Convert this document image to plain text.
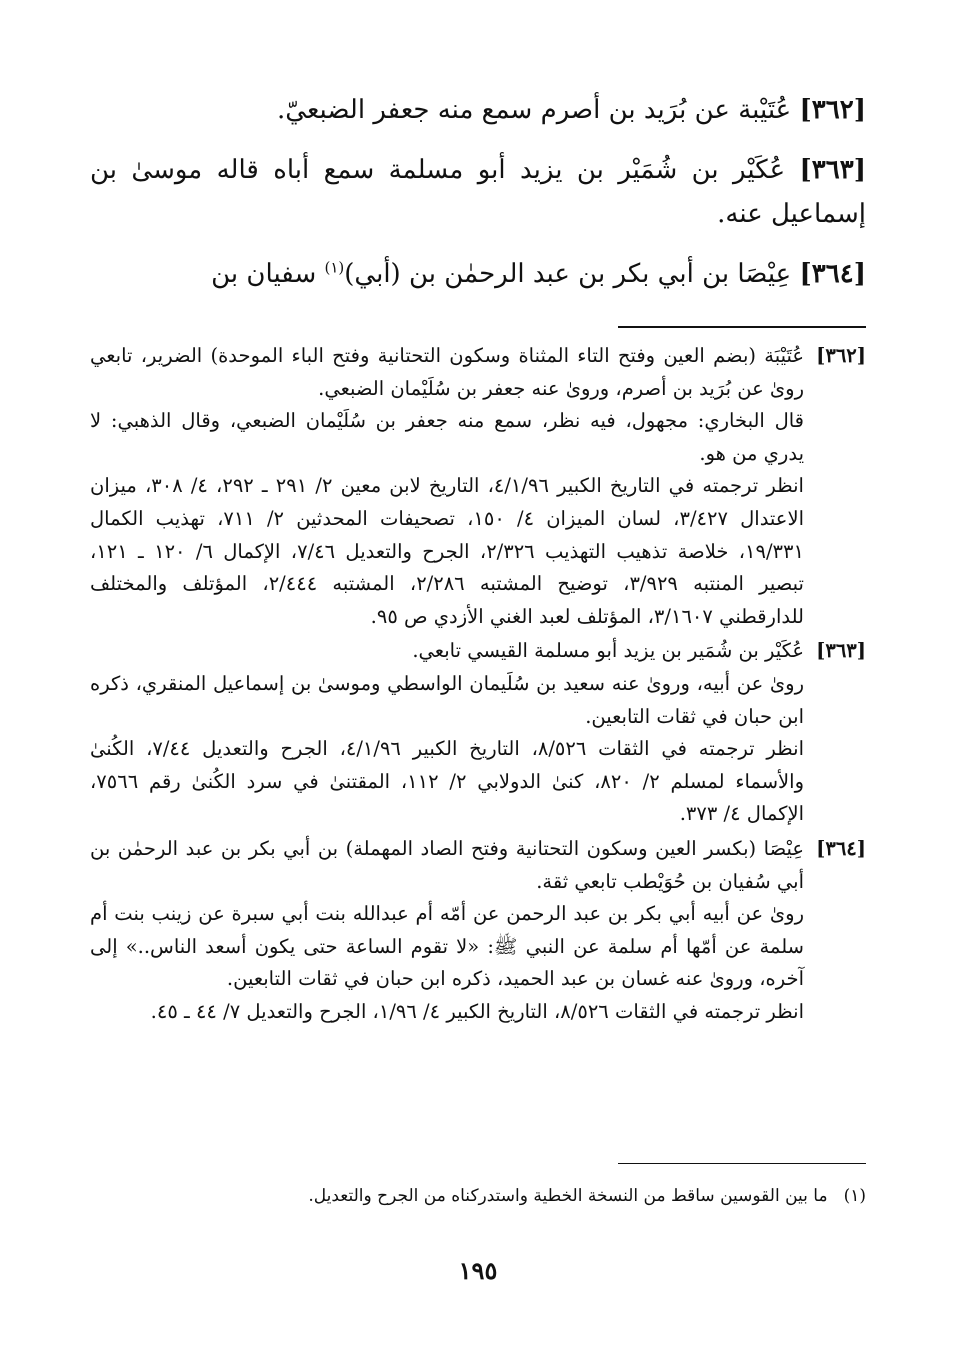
[٣٦٢] عُتَيْبة عن بُرَيد بن أصرم سمع منه جعفر الضبعيّ.

[٣٦٣] عُكَيْر بن شُمَيْر بن يزيد أبو مسلمة سمع أباه قاله موسىٰ بن إسماعيل عنه.

[٣٦٤] عِيْصَا بن أبي بكر بن عبد الرحمٰن بن (أبي)$^{(١)}$ سفيان بن

[٣٦٢]

عُتَيْبَة (بضم العين وفتح التاء المثناة وسكون التحتانية وفتح الباء الموحدة) الضرير، تابعي روىٰ عن بُرَيد بن أصرم، وروىٰ عنه جعفر بن سُلَيْمان الضبعي.

قال البخاري: مجهول، فيه نظر، سمع منه جعفر بن سُلَيْمان الضبعي، وقال الذهبي: لا يدري من هو.

انظر ترجمته في التاريخ الكبير ٤/١/٩٦، التاريخ لابن معين ٢/ ٢٩١ ـ ٢٩٢، ٤/ ٣٠٨، ميزان الاعتدال ٣/٤٢٧، لسان الميزان ٤/ ١٥٠، تصحيفات المحدثين ٢/ ٧١١، تهذيب الكمال ١٩/٣٣١، خلاصة تذهيب التهذيب ٢/٣٢٦، الجرح والتعديل ٧/٤٦، الإكمال ٦/ ١٢٠ ـ ١٢١، تبصير المنتبه ٣/٩٢٩، توضيح المشتبه ٢/٢٨٦، المشتبه ٢/٤٤٤، المؤتلف والمختلف للدارقطني ٣/١٦٠٧، المؤتلف لعبد الغني الأزدي ص ٩٥.

[٣٦٣]

عُكَيْر بن شُمَير بن يزيد أبو مسلمة القيسي تابعي.

روىٰ عن أبيه، وروىٰ عنه سعيد بن سُلَيمان الواسطي وموسىٰ بن إسماعيل المنقري، ذكره ابن حبان في ثقات التابعين.

انظر ترجمته في الثقات ٨/٥٢٦، التاريخ الكبير ٤/١/٩٦، الجرح والتعديل ٧/٤٤، الكُنىٰ والأسماء لمسلم ٢/ ٨٢٠، كنىٰ الدولابي ٢/ ١١٢، المقتنىٰ في سرد الكُنىٰ رقم ٧٥٦٦، الإكمال ٤/ ٣٧٣.

[٣٦٤]

عِيْصَا (بكسر العين وسكون التحتانية وفتح الصاد المهملة) بن أبي بكر بن عبد الرحمٰن بن أبي سُفيان بن حُوَيْطب تابعي ثقة.

روىٰ عن أبيه أبي بكر بن عبد الرحمن عن أمّه أم عبدالله بنت أبي سبرة عن زينب بنت أم سلمة عن أمّها أم سلمة عن النبي ﷺ: «لا تقوم الساعة حتى يكون أسعد الناس..» إلى آخره، وروىٰ عنه غسان بن عبد الحميد، ذكره ابن حبان في ثقات التابعين.

انظر ترجمته في الثقات ٨/٥٢٦، التاريخ الكبير ٤/ ١/٩٦، الجرح والتعديل ٧/ ٤٤ ـ ٤٥.

(١)ما بين القوسين ساقط من النسخة الخطية واستدركناه من الجرح والتعديل.
١٩٥
